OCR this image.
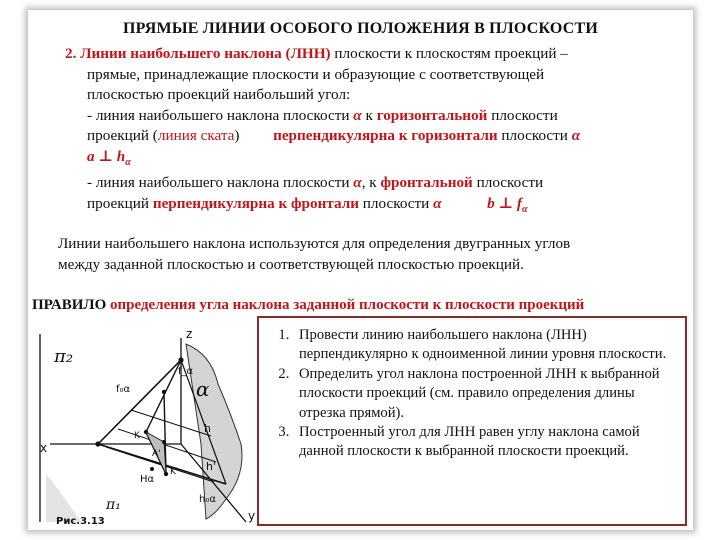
ПРЯМЫЕ ЛИНИИ ОСОБОГО ПОЛОЖЕНИЯ В ПЛОСКОСТИ
2. Линии наибольшего наклона (ЛНН) плоскости к плоскостям проекций –
прямые, принадлежащие плоскости и образующие с соответствующей
плоскостью проекций наибольший угол:
- линия наибольшего наклона плоскости α к горизонтальной плоскости
проекций (линия ската) перпендикулярна к горизонтали плоскости α
a ⊥ $h_\alpha$
- линия наибольшего наклона плоскости α, к фронтальной плоскости
проекций перпендикулярна к фронтали плоскости α	b ⊥ $f_\alpha$
Линии наибольшего наклона используются для определения двугранных углов
между заданной плоскостью и соответствующей плоскостью проекций.
ПРАВИЛО определения угла наклона заданной плоскости к плоскости проекций
z
x
y
π₂
π₁
f₀α
h₀α
f_α
α
h
h'
Hα
A'
K'
K
Рис.3.13
1. Провести линию наибольшего наклона (ЛНН) перпендикулярно к одноименной линии уровня плоскости.
2. Определить угол наклона построенной ЛНН к выбранной плоскости проекций (см. правило определения длины отрезка прямой).
3. Построенный угол для ЛНН равен углу наклона самой данной плоскости к выбранной плоскости проекций.
